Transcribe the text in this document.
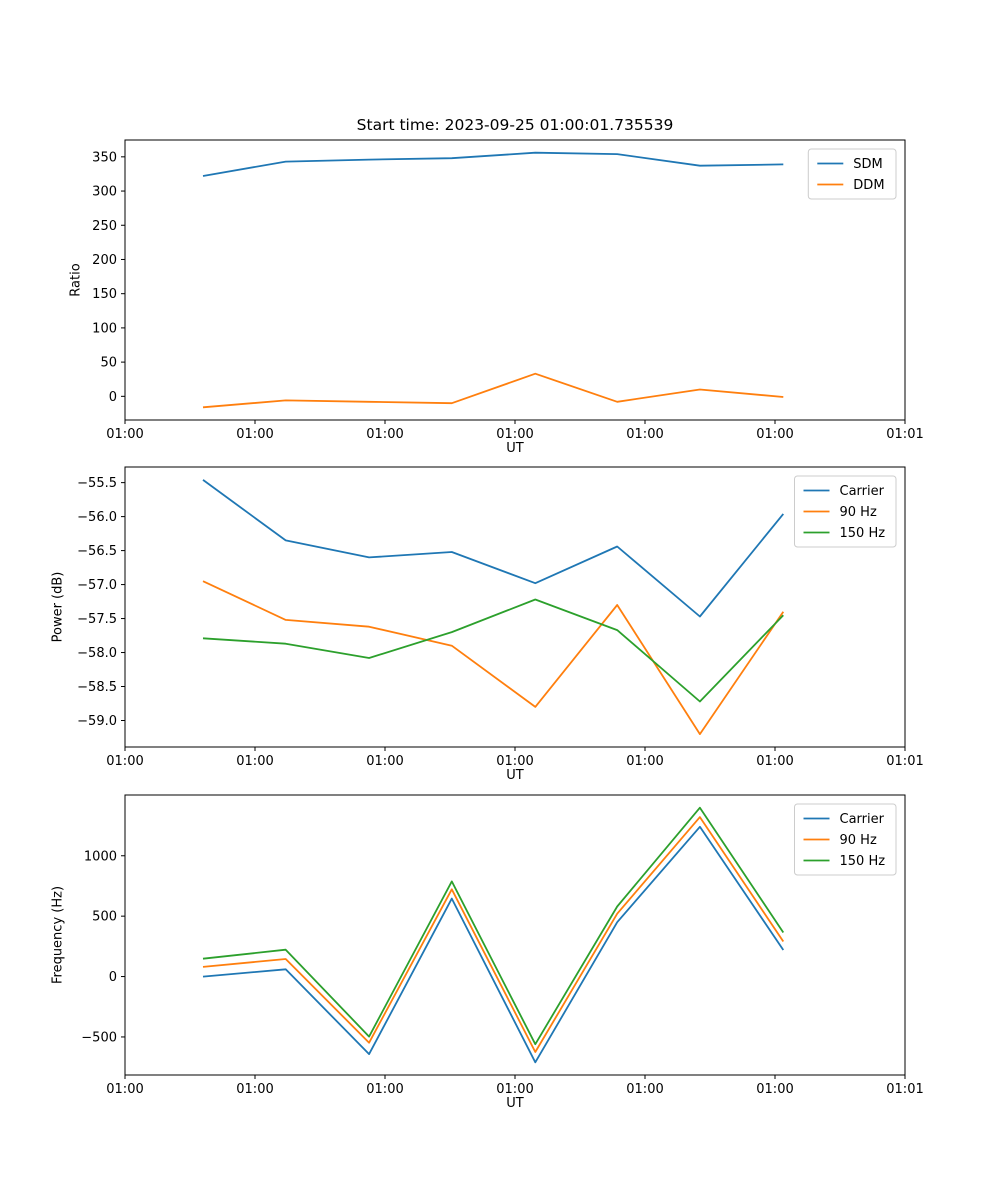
Start time: 2023-09-25 01:00:01.735539
01:00	01:00	01:00	01:00	01:00	01:00	01:01
350
300
250
200
150
100
50
0
SDM
DDM
UT
Ratio
01:00	01:00	01:00	01:00	01:00	01:00	01:01
−55.5
−56.0
−56.5
−57.0
−57.5
−58.0
−58.5
−59.0
Carrier
90 Hz
150 Hz
UT
Power (dB)
01:00	01:00	01:00	01:00	01:00	01:00	01:01
1000
500
0
−500
Carrier
90 Hz
150 Hz
UT
Frequency (Hz)
